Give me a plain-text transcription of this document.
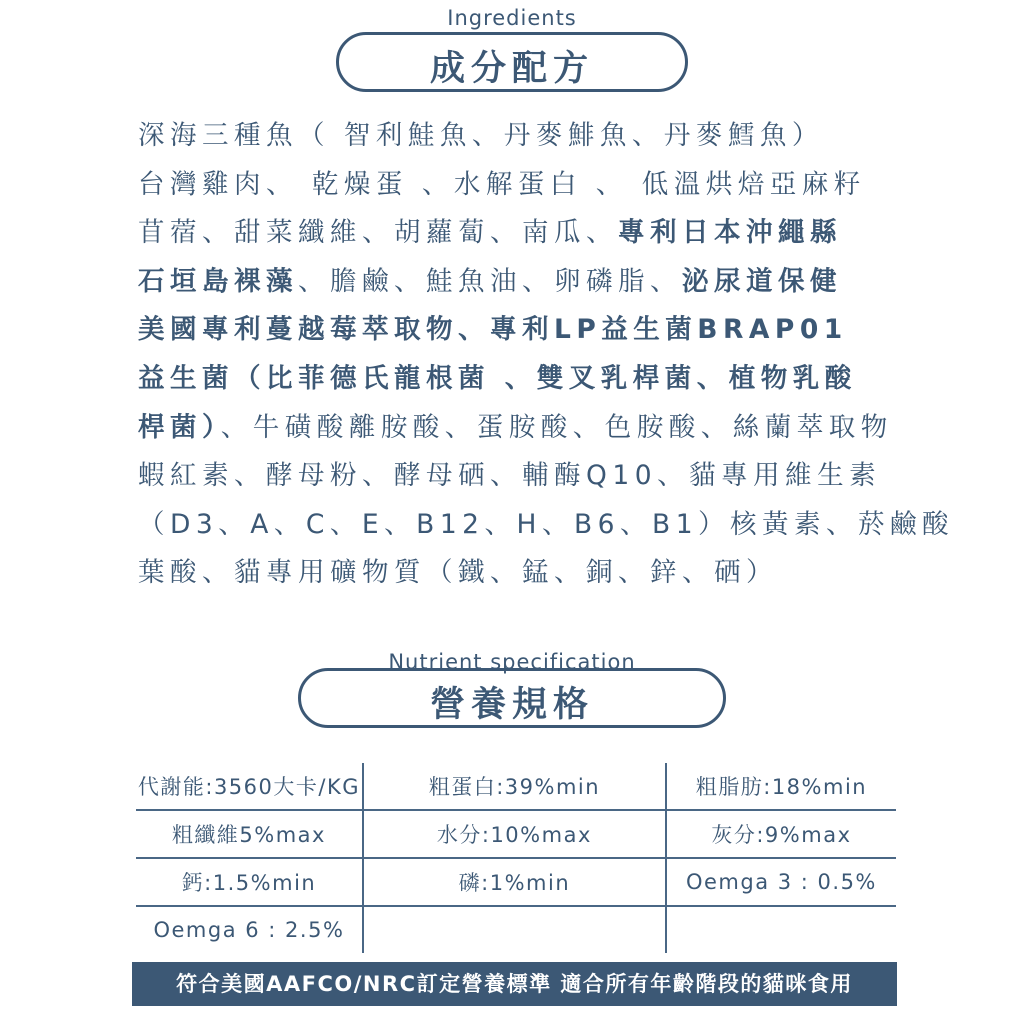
Ingredients
成分配方
深海三種魚（ 智利鮭魚、丹麥鯡魚、丹麥鱈魚）
台灣雞肉、 乾燥蛋 、水解蛋白 、 低溫烘焙亞麻籽
苜蓿、甜菜纖維、胡蘿蔔、南瓜、專利日本沖繩縣
石垣島裸藻、膽鹼、鮭魚油、卵磷脂、泌尿道保健
美國專利蔓越莓萃取物、專利LP益生菌BRAP01
益生菌（比菲德氏龍根菌 、雙叉乳桿菌、植物乳酸
桿菌）、牛磺酸離胺酸、蛋胺酸、色胺酸、絲蘭萃取物
蝦紅素、酵母粉、酵母硒、輔酶Q10、貓專用維生素
（D3、A、C、E、B12、H、B6、B1）核黃素、菸鹼酸
葉酸、貓專用礦物質（鐵、錳、銅、鋅、硒）
Nutrient specification
營養規格
代謝能:3560大卡/KG	粗蛋白:39%min	粗脂肪:18%min
粗纖維5%max	水分:10%max	灰分:9%max
鈣:1.5%min	磷:1%min	Oemga 3 : 0.5%
Oemga 6 : 2.5%		
符合美國AAFCO/NRC訂定營養標準 適合所有年齡階段的貓咪食用
